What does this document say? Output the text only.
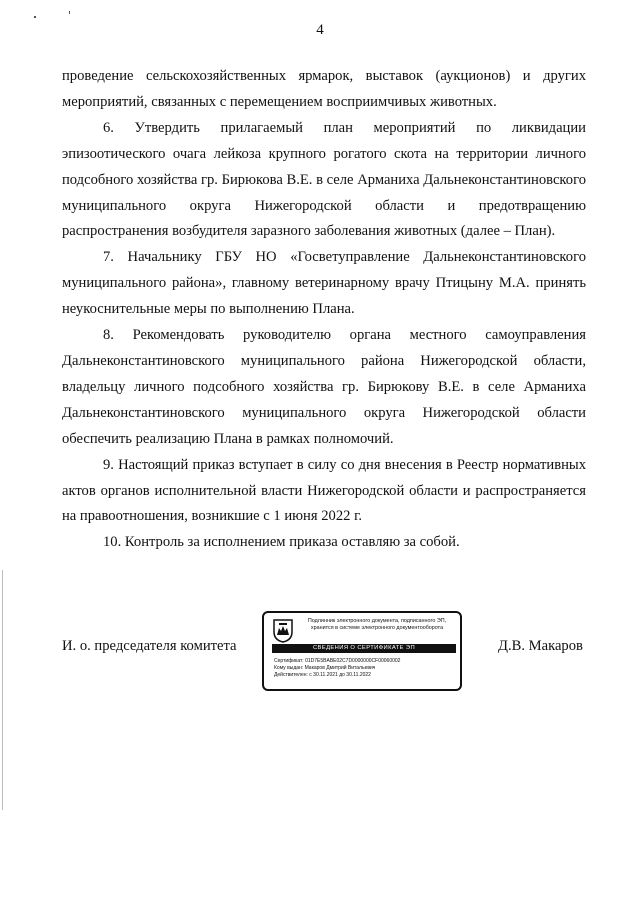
4

проведение сельскохозяйственных ярмарок, выставок (аукционов) и других мероприятий, связанных с перемещением восприимчивых животных.

6. Утвердить прилагаемый план мероприятий по ликвидации эпизоотического очага лейкоза крупного рогатого скота на территории личного подсобного хозяйства гр. Бирюкова В.Е. в селе Арманиха Дальнеконстантиновского муниципального округа Нижегородской области и предотвращению распространения возбудителя заразного заболевания животных (далее – План).

7. Начальнику ГБУ НО «Госветуправление Дальнеконстантиновского муниципального района», главному ветеринарному врачу Птицыну М.А. принять неукоснительные меры по выполнению Плана.

8. Рекомендовать руководителю органа местного самоуправления Дальнеконстантиновского муниципального района Нижегородской области, владельцу личного подсобного хозяйства гр. Бирюкову В.Е. в селе Арманиха Дальнеконстантиновского муниципального округа Нижегородской области обеспечить реализацию Плана в рамках полномочий.

9. Настоящий приказ вступает в силу со дня внесения в Реестр нормативных актов органов исполнительной власти Нижегородской области и распространяется на правоотношения, возникшие с 1 июня 2022 г.

10. Контроль за исполнением приказа оставляю за собой.

И. о. председателя комитета
Подлинник электронного документа, подписанного ЭП, хранится в системе электронного документооборота
СВЕДЕНИЯ О СЕРТИФИКАТЕ ЭП
Сертификат: 01D7E5BABE02C7D0000000CF00060002
Кому выдан: Макаров Дмитрий Витальевич
Действителен: с 30.11.2021 до 30.11.2022
Д.В. Макаров
